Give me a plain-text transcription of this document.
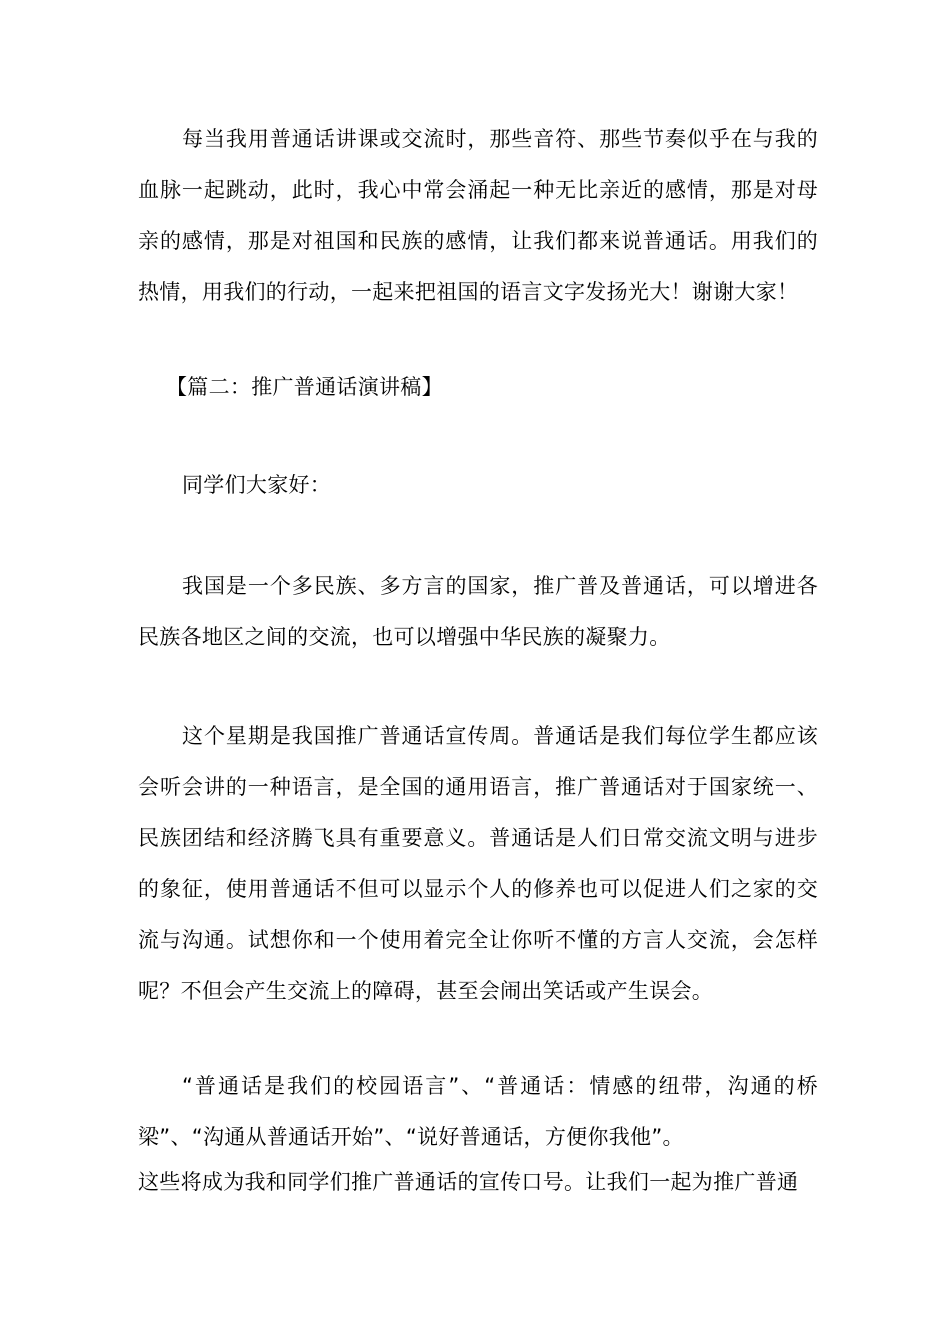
每当我用普通话讲课或交流时，那些音符、那些节奏似乎在与我的血脉一起跳动，此时，我心中常会涌起一种无比亲近的感情，那是对母亲的感情，那是对祖国和民族的感情，让我们都来说普通话。用我们的热情，用我们的行动，一起来把祖国的语言文字发扬光大！谢谢大家！

【篇二：推广普通话演讲稿】

同学们大家好：

我国是一个多民族、多方言的国家，推广普及普通话，可以增进各民族各地区之间的交流，也可以增强中华民族的凝聚力。

这个星期是我国推广普通话宣传周。普通话是我们每位学生都应该会听会讲的一种语言，是全国的通用语言，推广普通话对于国家统一、民族团结和经济腾飞具有重要意义。普通话是人们日常交流文明与进步的象征，使用普通话不但可以显示个人的修养也可以促进人们之家的交流与沟通。试想你和一个使用着完全让你听不懂的方言人交流，会怎样呢？不但会产生交流上的障碍，甚至会闹出笑话或产生误会。

“普通话是我们的校园语言”、“普通话：情感的纽带，沟通的桥梁”、“沟通从普通话开始”、“说好普通话，方便你我他”。

这些将成为我和同学们推广普通话的宣传口号。让我们一起为推广普通
